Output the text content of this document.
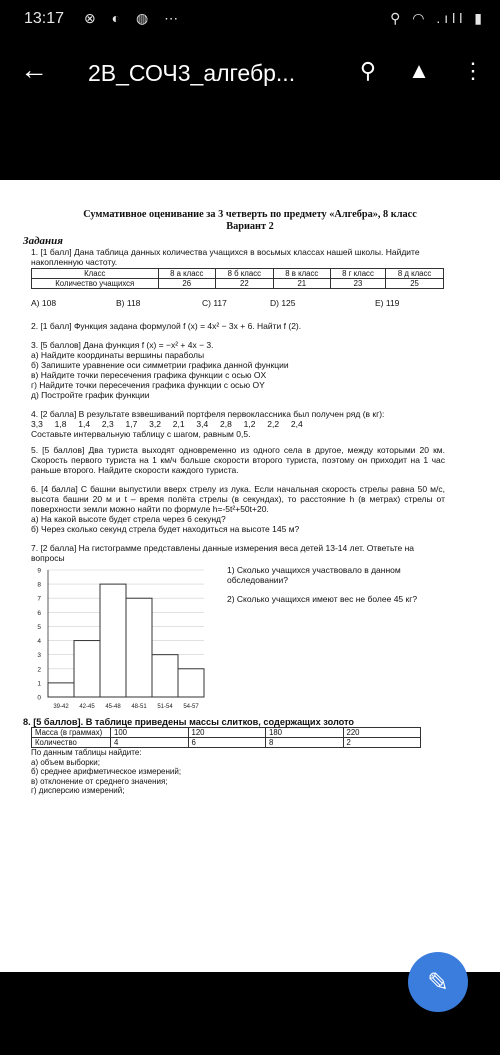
13:17 ⊗ ◐ ◍ ⋯	⚲ ◠ .ıll ▮
← 2В_СОЧ3_алгебр...	⚲ ▲ ⋮
Суммативное оценивание за 3 четверть по предмету «Алгебра», 8 класс
Вариант 2
Задания

1. [1 балл] Дана таблица данных количества учащихся в восьмых классах нашей школы. Найдите накопленную частоту.

Класс	8 а класс	8 б класс	8 в класс	8 г класс	8 д класс
Количество учащихся	26	22	21	23	25
A) 108	B) 118	C) 117	D) 125	E) 119

2. [1 балл] Функция задана формулой f (x) = 4x² − 3x + 6. Найти f (2).

3. [5 баллов] Дана функция f (x) = −x² + 4x − 3.

а) Найдите координаты вершины параболы

б) Запишите уравнение оси симметрии графика данной функции

в) Найдите точки пересечения графика функции с осью OX

г) Найдите точки пересечения графика функции с осью OY

д) Постройте график функции

4. [2 балла] В результате взвешиваний портфеля первоклассника был получен ряд (в кг):

3,3     1,8     1,4     2,3     1,7     3,2     2,1     3,4     2,8     1,2     2,2     2,4

Составьте интервальную таблицу с шагом, равным 0,5.

5. [5 баллов] Два туриста выходят одновременно из одного села в другое, между которыми 20 км. Скорость первого туриста на 1 км/ч больше скорости второго туриста, поэтому он приходит на 1 час раньше второго. Найдите скорости каждого туриста.

6. [4 балла] С башни выпустили вверх стрелу из лука. Если начальная скорость стрелы равна 50 м/с, высота башни 20 м и t – время полёта стрелы (в секундах), то расстояние h (в метрах) стрелы от поверхности земли можно найти по формуле h=-5t²+50t+20.

а) На какой высоте будет стрела через 6 секунд?

б) Через сколько секунд стрела будет находиться на высоте 145 м?

7. [2 балла] На гистограмме представлены данные измерения веса детей 13-14 лет. Ответьте на вопросы

0
1
2
3
4
5
6
7
8
9
39-42 42-45 45-48 48-51 51-54 54-57

1) Сколько учащихся участвовало в данном обследовании?

2) Сколько учащихся имеют вес не более 45 кг?

8. [5 баллов]. В таблице приведены массы слитков, содержащих золото
Масса (в граммах)	100	120	180	220
Количество	4	6	8	2

По данным таблицы найдите:

а) объем выборки;

б) среднее арифметическое измерений;

в) отклонение от среднего значения;

г) дисперсию измерений;

✎
